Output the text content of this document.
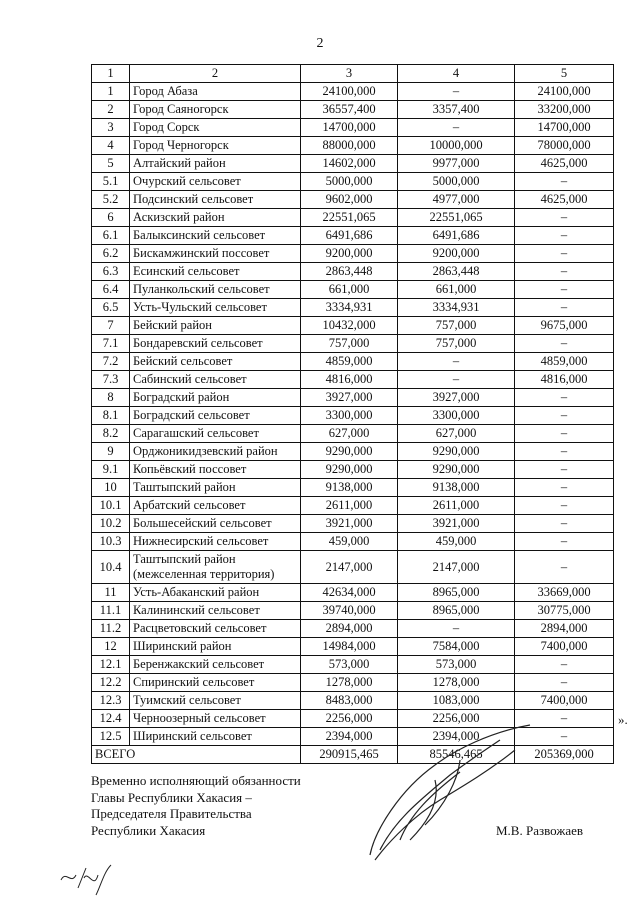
2
1	2	3	4	5
1	Город Абаза	24100,000	–	24100,000
2	Город Саяногорск	36557,400	3357,400	33200,000
3	Город Сорск	14700,000	–	14700,000
4	Город Черногорск	88000,000	10000,000	78000,000
5	Алтайский район	14602,000	9977,000	4625,000
5.1	Очурский сельсовет	5000,000	5000,000	–
5.2	Подсинский сельсовет	9602,000	4977,000	4625,000
6	Аскизский район	22551,065	22551,065	–
6.1	Балыксинский сельсовет	6491,686	6491,686	–
6.2	Бискамжинский поссовет	9200,000	9200,000	–
6.3	Есинский сельсовет	2863,448	2863,448	–
6.4	Пуланкольский сельсовет	661,000	661,000	–
6.5	Усть-Чульский сельсовет	3334,931	3334,931	–
7	Бейский район	10432,000	757,000	9675,000
7.1	Бондаревский сельсовет	757,000	757,000	–
7.2	Бейский сельсовет	4859,000	–	4859,000
7.3	Сабинский сельсовет	4816,000	–	4816,000
8	Боградский район	3927,000	3927,000	–
8.1	Боградский сельсовет	3300,000	3300,000	–
8.2	Сарагашский сельсовет	627,000	627,000	–
9	Орджоникидзевский район	9290,000	9290,000	–
9.1	Копьёвский поссовет	9290,000	9290,000	–
10	Таштыпский район	9138,000	9138,000	–
10.1	Арбатский сельсовет	2611,000	2611,000	–
10.2	Большесейский сельсовет	3921,000	3921,000	–
10.3	Нижнесирский сельсовет	459,000	459,000	–
10.4	Таштыпский район (межселенная территория)	2147,000	2147,000	–
11	Усть-Абаканский район	42634,000	8965,000	33669,000
11.1	Калининский сельсовет	39740,000	8965,000	30775,000
11.2	Расцветовский сельсовет	2894,000	–	2894,000
12	Ширинский район	14984,000	7584,000	7400,000
12.1	Беренжакский сельсовет	573,000	573,000	–
12.2	Спиринский сельсовет	1278,000	1278,000	–
12.3	Туимский сельсовет	8483,000	1083,000	7400,000
12.4	Черноозерный сельсовет	2256,000	2256,000	–
12.5	Ширинский сельсовет	2394,000	2394,000	–
ВСЕГО		290915,465	85546,465	205369,000
».
Временно исполняющий обязанности
Главы Республики Хакасия –
Председателя Правительства
Республики Хакасия	М.В. Развожаев
